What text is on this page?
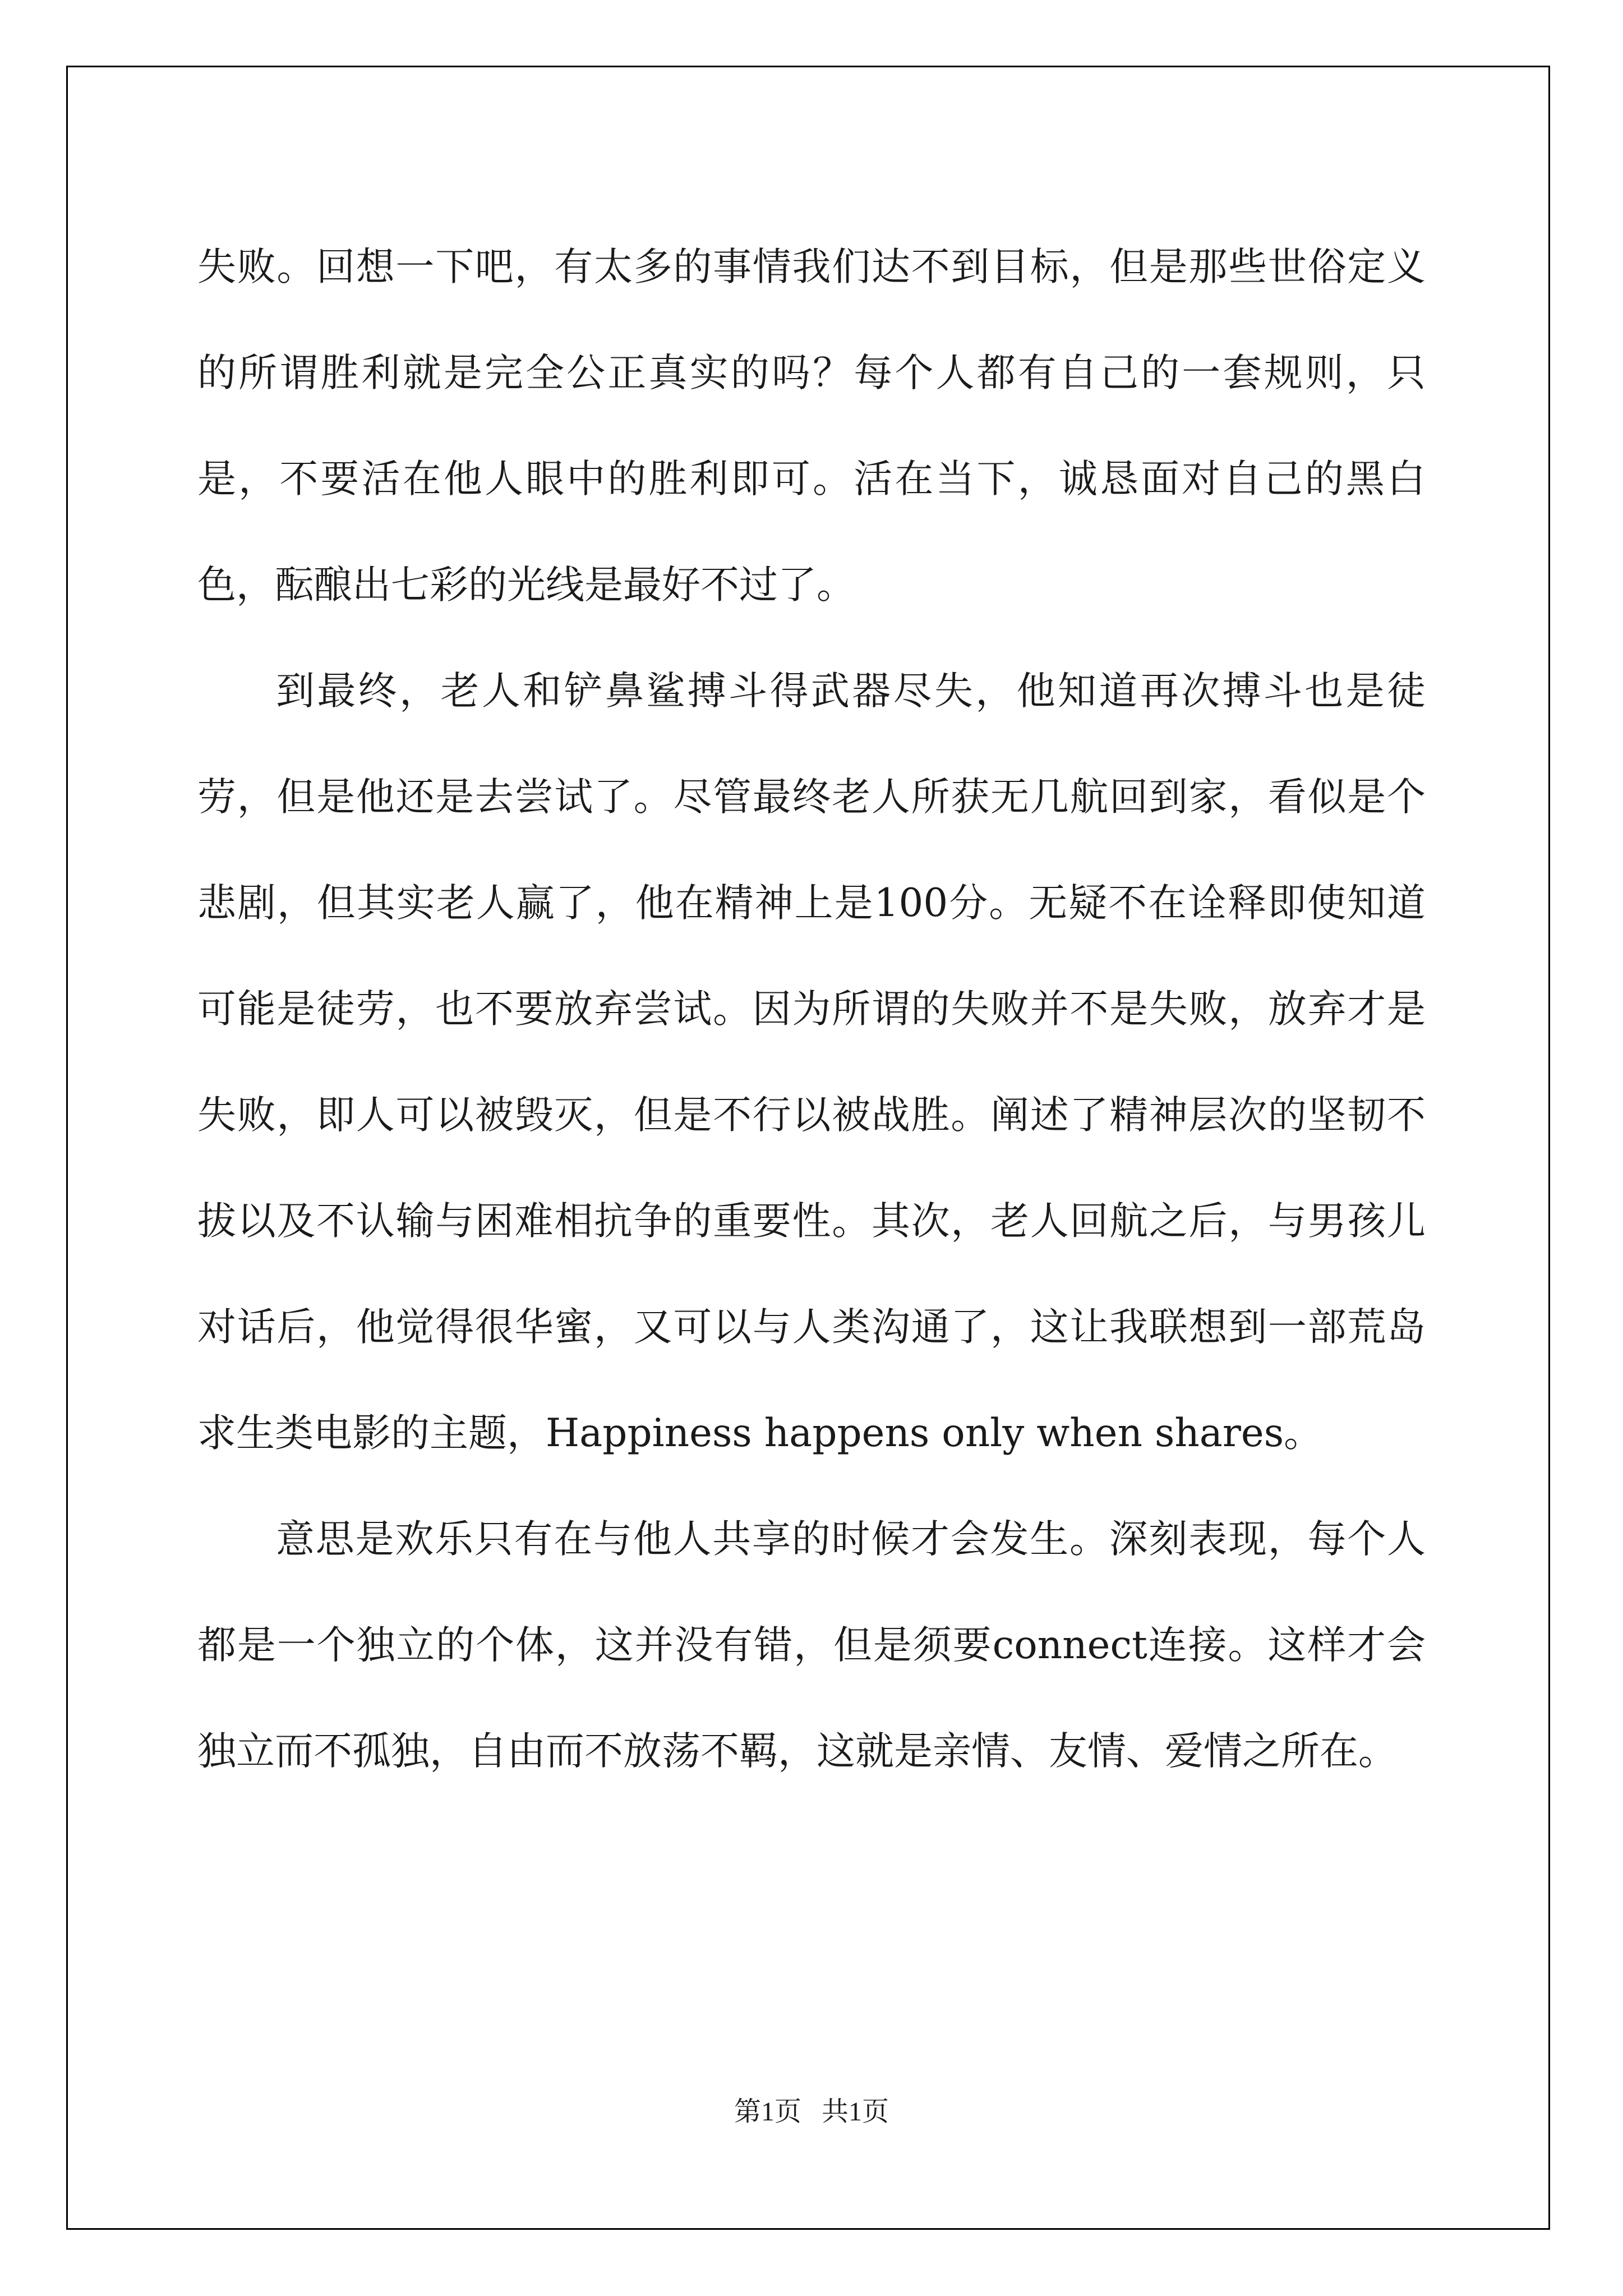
失败。回想一下吧，有太多的事情我们达不到目标，但是那些世俗定义的所谓胜利就是完全公正真实的吗？每个人都有自己的一套规则，只是，不要活在他人眼中的胜利即可。活在当下，诚恳面对自己的黑白色，酝酿出七彩的光线是最好不过了。

到最终，老人和铲鼻鲨搏斗得武器尽失，他知道再次搏斗也是徒劳，但是他还是去尝试了。尽管最终老人所获无几航回到家，看似是个悲剧，但其实老人赢了，他在精神上是100分。无疑不在诠释即使知道可能是徒劳，也不要放弃尝试。因为所谓的失败并不是失败，放弃才是失败，即人可以被毁灭，但是不行以被战胜。阐述了精神层次的坚韧不拔以及不认输与困难相抗争的重要性。其次，老人回航之后，与男孩儿对话后，他觉得很华蜜，又可以与人类沟通了，这让我联想到一部荒岛求生类电影的主题，Happiness happens only when shares。

意思是欢乐只有在与他人共享的时候才会发生。深刻表现，每个人都是一个独立的个体，这并没有错，但是须要connect连接。这样才会独立而不孤独，自由而不放荡不羁，这就是亲情、友情、爱情之所在。

第1页   共1页
